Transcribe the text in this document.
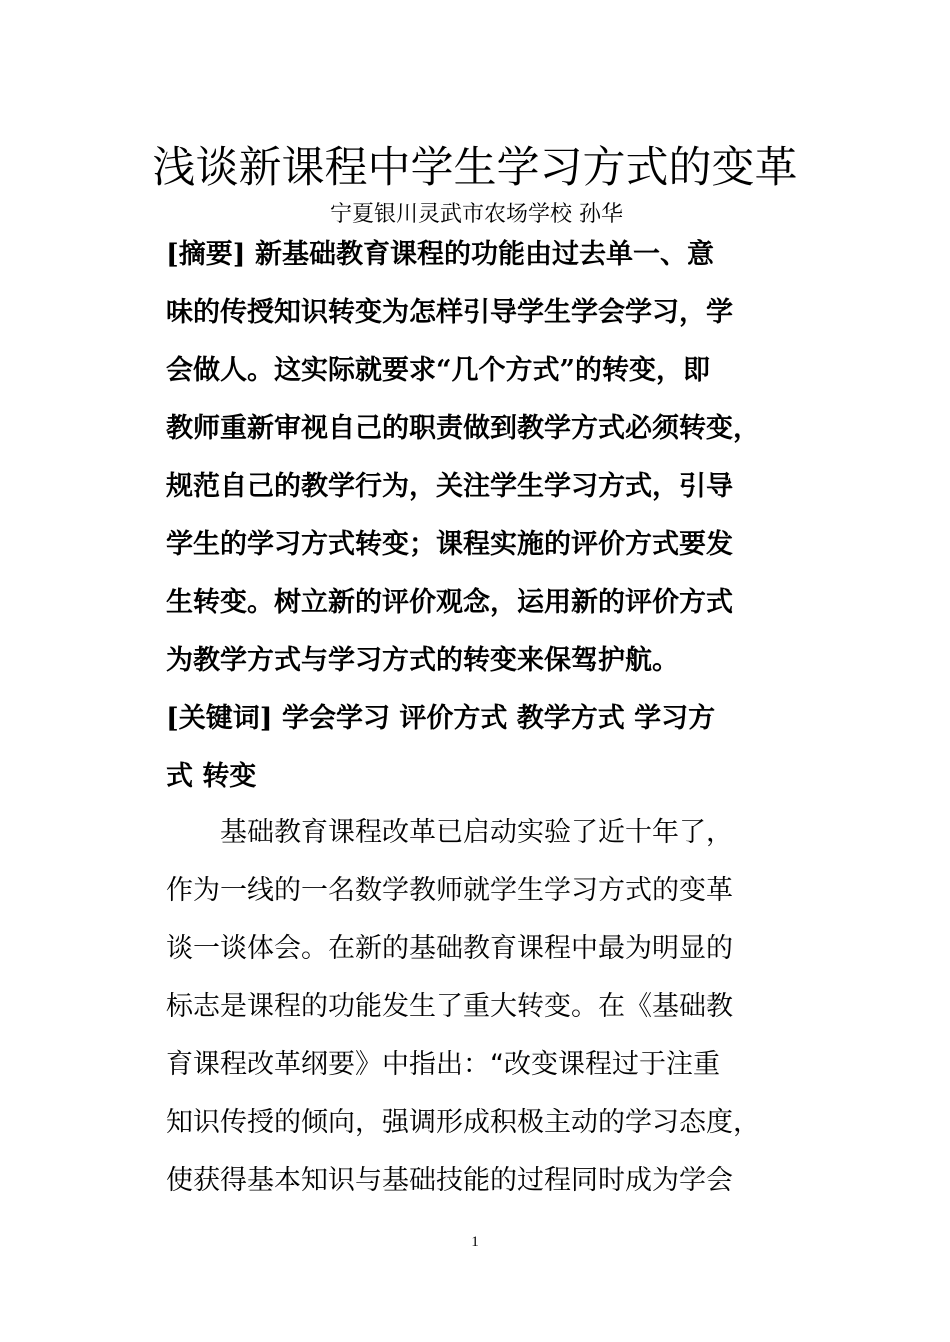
浅谈新课程中学生学习方式的变革
宁夏银川灵武市农场学校 孙华
[摘要] 新基础教育课程的功能由过去单一、意
味的传授知识转变为怎样引导学生学会学习，学
会做人。这实际就要求“几个方式”的转变，即
教师重新审视自己的职责做到教学方式必须转变，
规范自己的教学行为，关注学生学习方式，引导
学生的学习方式转变；课程实施的评价方式要发
生转变。树立新的评价观念，运用新的评价方式
为教学方式与学习方式的转变来保驾护航。
[关键词] 学会学习 评价方式 教学方式 学习方
式 转变
　　基础教育课程改革已启动实验了近十年了，
作为一线的一名数学教师就学生学习方式的变革
谈一谈体会。在新的基础教育课程中最为明显的
标志是课程的功能发生了重大转变。在《基础教
育课程改革纲要》中指出：“改变课程过于注重
知识传授的倾向，强调形成积极主动的学习态度，
使获得基本知识与基础技能的过程同时成为学会
1
